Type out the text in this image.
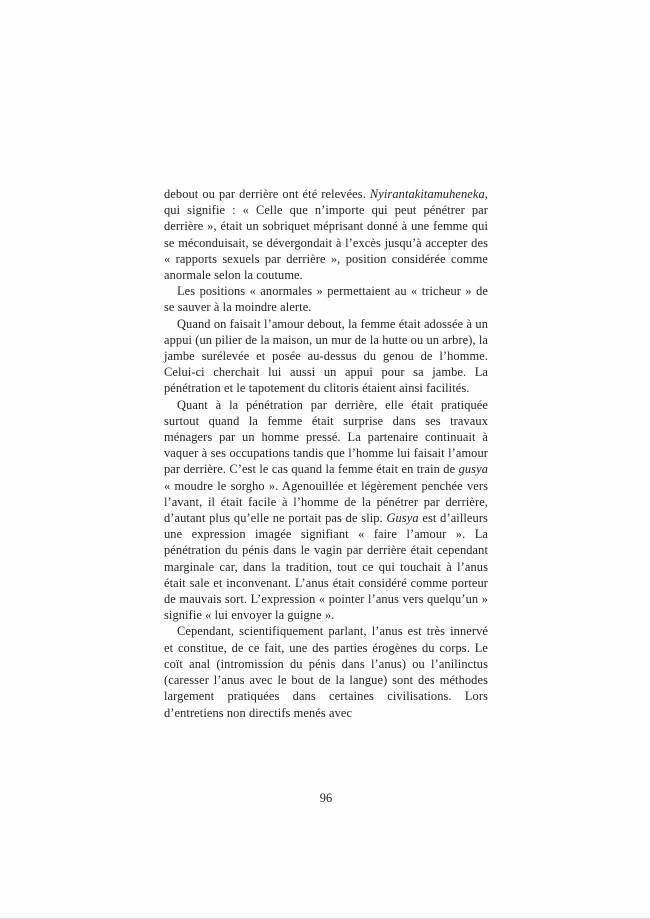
debout ou par derrière ont été relevées. Nyirantakitamuheneka, qui signifie : « Celle que n’importe qui peut pénétrer par derrière », était un sobriquet méprisant donné à une femme qui se méconduisait, se dévergondait à l’excès jusqu’à accepter des « rapports sexuels par derrière », position considérée comme anormale selon la coutume.

Les positions « anormales » permettaient au « tricheur » de se sauver à la moindre alerte.

Quand on faisait l’amour debout, la femme était adossée à un appui (un pilier de la maison, un mur de la hutte ou un arbre), la jambe surélevée et posée au-dessus du genou de l’homme. Celui-ci cherchait lui aussi un appui pour sa jambe. La pénétration et le tapotement du clitoris étaient ainsi facilités.

Quant à la pénétration par derrière, elle était pratiquée surtout quand la femme était surprise dans ses travaux ménagers par un homme pressé. La partenaire continuait à vaquer à ses occupations tandis que l’homme lui faisait l’amour par derrière. C’est le cas quand la femme était en train de gusya « moudre le sorgho ». Agenouillée et légèrement penchée vers l’avant, il était facile à l’homme de la pénétrer par derrière, d’autant plus qu’elle ne portait pas de slip. Gusya est d’ailleurs une expression imagée signifiant « faire l’amour ». La pénétration du pénis dans le vagin par derrière était cependant marginale car, dans la tradition, tout ce qui touchait à l’anus était sale et inconvenant. L’anus était considéré comme porteur de mauvais sort. L’expression « pointer l’anus vers quelqu’un » signifie « lui envoyer la guigne ».

Cependant, scientifiquement parlant, l’anus est très innervé et constitue, de ce fait, une des parties érogènes du corps. Le coït anal (intromission du pénis dans l’anus) ou l’anilinctus (caresser l’anus avec le bout de la langue) sont des méthodes largement pratiquées dans certaines civilisations. Lors d’entretiens non directifs menés avec

96
